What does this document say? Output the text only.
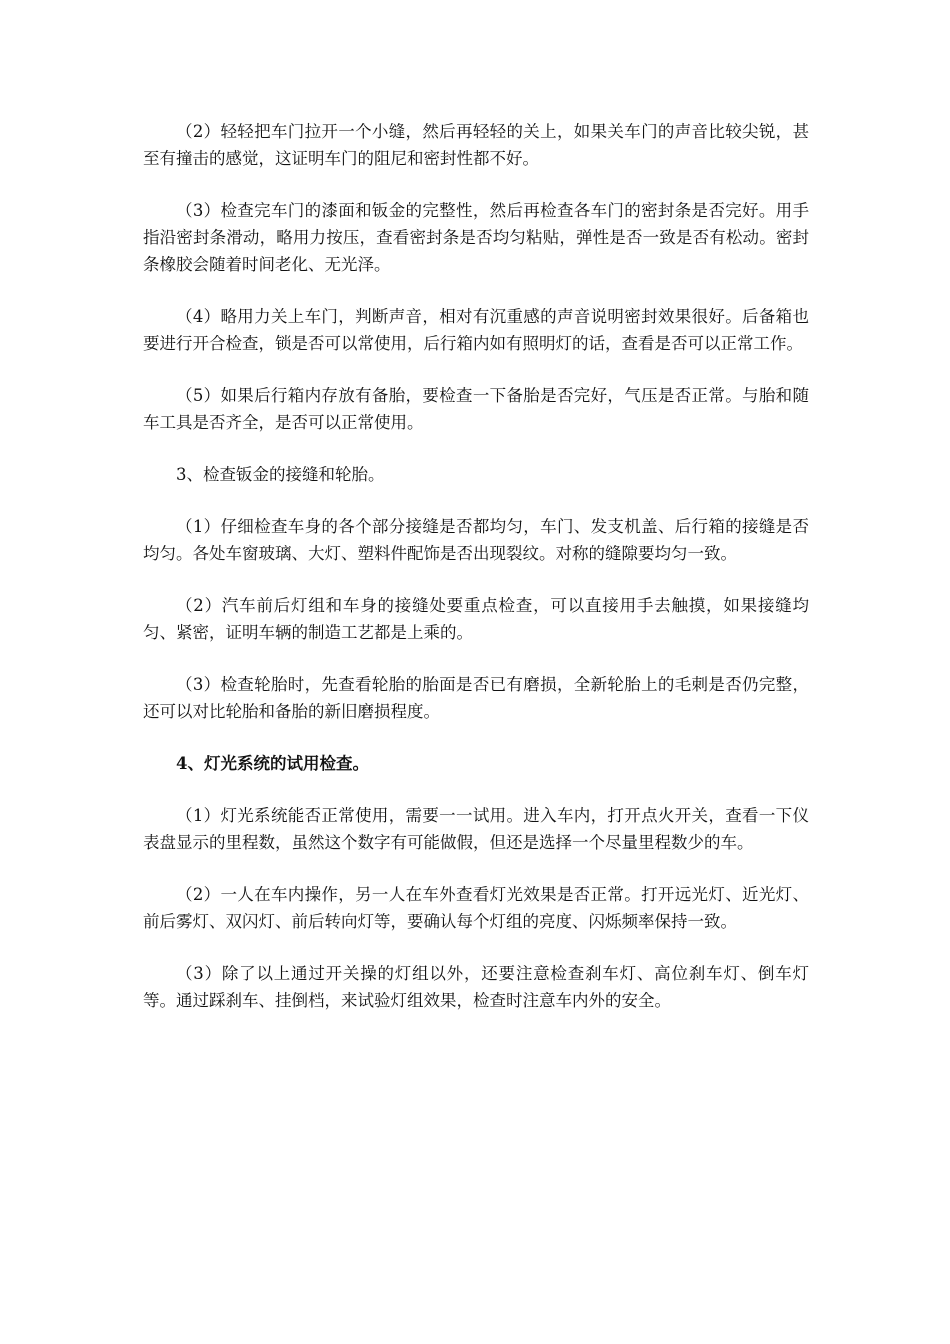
（2）轻轻把车门拉开一个小缝，然后再轻轻的关上，如果关车门的声音比较尖锐，甚至有撞击的感觉，这证明车门的阻尼和密封性都不好。

（3）检查完车门的漆面和钣金的完整性，然后再检查各车门的密封条是否完好。用手指沿密封条滑动，略用力按压，查看密封条是否均匀粘贴，弹性是否一致是否有松动。密封条橡胶会随着时间老化、无光泽。

（4）略用力关上车门，判断声音，相对有沉重感的声音说明密封效果很好。后备箱也要进行开合检查，锁是否可以常使用，后行箱内如有照明灯的话，查看是否可以正常工作。

（5）如果后行箱内存放有备胎，要检查一下备胎是否完好，气压是否正常。与胎和随车工具是否齐全，是否可以正常使用。

3、检查钣金的接缝和轮胎。

（1）仔细检查车身的各个部分接缝是否都均匀，车门、发支机盖、后行箱的接缝是否均匀。各处车窗玻璃、大灯、塑料件配饰是否出现裂纹。对称的缝隙要均匀一致。

（2）汽车前后灯组和车身的接缝处要重点检查，可以直接用手去触摸，如果接缝均匀、紧密，证明车辆的制造工艺都是上乘的。

（3）检查轮胎时，先查看轮胎的胎面是否已有磨损，全新轮胎上的毛刺是否仍完整，还可以对比轮胎和备胎的新旧磨损程度。

4、灯光系统的试用检查。

（1）灯光系统能否正常使用，需要一一试用。进入车内，打开点火开关，查看一下仪表盘显示的里程数，虽然这个数字有可能做假，但还是选择一个尽量里程数少的车。

（2）一人在车内操作，另一人在车外查看灯光效果是否正常。打开远光灯、近光灯、前后雾灯、双闪灯、前后转向灯等，要确认每个灯组的亮度、闪烁频率保持一致。

（3）除了以上通过开关操的灯组以外，还要注意检查刹车灯、高位刹车灯、倒车灯等。通过踩刹车、挂倒档，来试验灯组效果，检查时注意车内外的安全。
